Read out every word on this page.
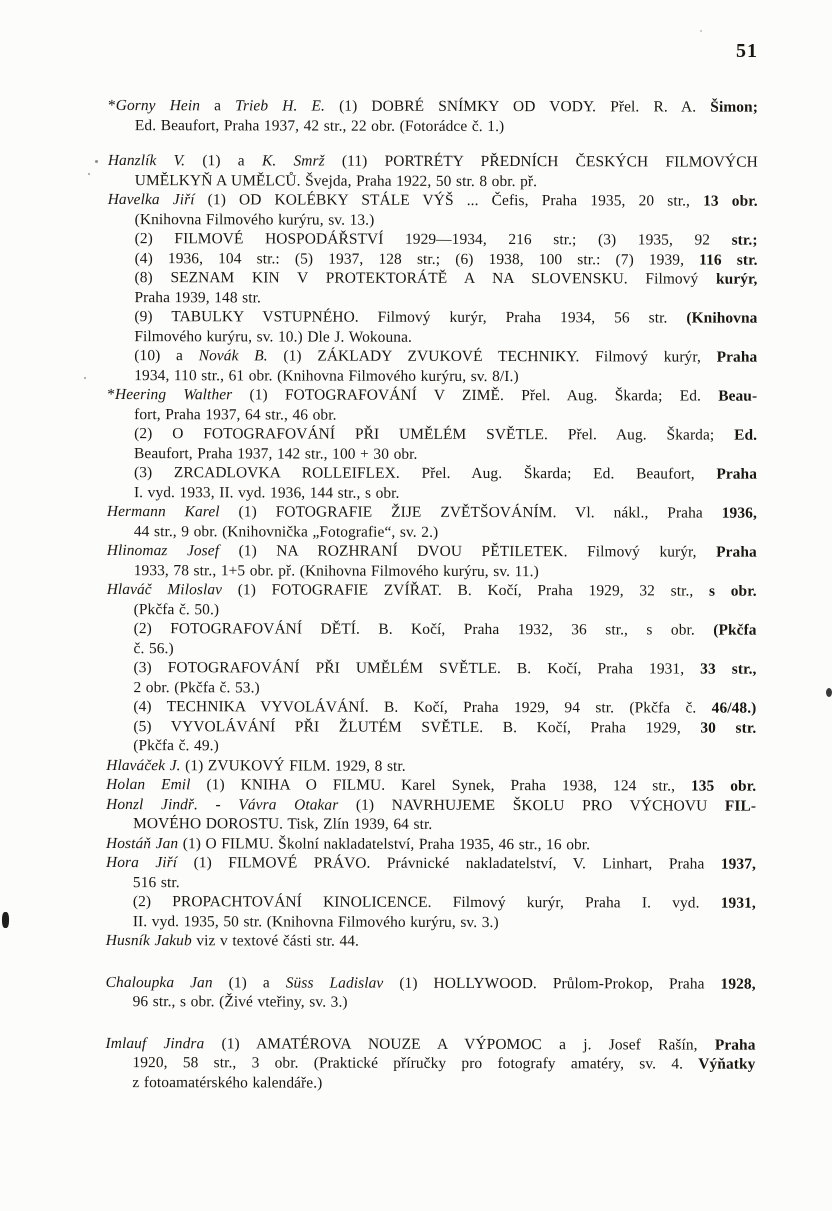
51
*Gorny Hein a Trieb H. E. (1) DOBRÉ SNÍMKY OD VODY. Přel. R. A. Šimon;
Ed. Beaufort, Praha 1937, 42 str., 22 obr. (Fotorádce č. 1.)
Hanzlík V. (1) a K. Smrž (11) PORTRÉTY PŘEDNÍCH ČESKÝCH FILMOVÝCH
UMĚLKYŇ A UMĚLCŮ. Švejda, Praha 1922, 50 str. 8 obr. př.
Havelka Jiří (1) OD KOLÉBKY STÁLE VÝŠ ... Čefis, Praha 1935, 20 str., 13 obr.
(Knihovna Filmového kurýru, sv. 13.)
(2) FILMOVÉ HOSPODÁŘSTVÍ 1929—1934, 216 str.; (3) 1935, 92 str.;
(4) 1936, 104 str.: (5) 1937, 128 str.; (6) 1938, 100 str.: (7) 1939, 116 str.
(8) SEZNAM KIN V PROTEKTORÁTĚ A NA SLOVENSKU. Filmový kurýr,
Praha 1939, 148 str.
(9) TABULKY VSTUPNÉHO. Filmový kurýr, Praha 1934, 56 str. (Knihovna
Filmového kurýru, sv. 10.) Dle J. Wokouna.
(10) a Novák B. (1) ZÁKLADY ZVUKOVÉ TECHNIKY. Filmový kurýr, Praha
1934, 110 str., 61 obr. (Knihovna Filmového kurýru, sv. 8/I.)
*Heering Walther (1) FOTOGRAFOVÁNÍ V ZIMĚ. Přel. Aug. Škarda; Ed. Beau-
fort, Praha 1937, 64 str., 46 obr.
(2) O FOTOGRAFOVÁNÍ PŘI UMĚLÉM SVĚTLE. Přel. Aug. Škarda; Ed.
Beaufort, Praha 1937, 142 str., 100 + 30 obr.
(3) ZRCADLOVKA ROLLEIFLEX. Přel. Aug. Škarda; Ed. Beaufort, Praha
I. vyd. 1933, II. vyd. 1936, 144 str., s obr.
Hermann Karel (1) FOTOGRAFIE ŽIJE ZVĚTŠOVÁNÍM. Vl. nákl., Praha 1936,
44 str., 9 obr. (Knihovnička „Fotografie“, sv. 2.)
Hlinomaz Josef (1) NA ROZHRANÍ DVOU PĚTILETEK. Filmový kurýr, Praha
1933, 78 str., 1+5 obr. př. (Knihovna Filmového kurýru, sv. 11.)
Hlaváč Miloslav (1) FOTOGRAFIE ZVÍŘAT. B. Kočí, Praha 1929, 32 str., s obr.
(Pkčfa č. 50.)
(2) FOTOGRAFOVÁNÍ DĚTÍ. B. Kočí, Praha 1932, 36 str., s obr. (Pkčfa
č. 56.)
(3) FOTOGRAFOVÁNÍ PŘI UMĚLÉM SVĚTLE. B. Kočí, Praha 1931, 33 str.,
2 obr. (Pkčfa č. 53.)
(4) TECHNIKA VYVOLÁVÁNÍ. B. Kočí, Praha 1929, 94 str. (Pkčfa č. 46/48.)
(5) VYVOLÁVÁNÍ PŘI ŽLUTÉM SVĚTLE. B. Kočí, Praha 1929, 30 str.
(Pkčfa č. 49.)
Hlaváček J. (1) ZVUKOVÝ FILM. 1929, 8 str.
Holan Emil (1) KNIHA O FILMU. Karel Synek, Praha 1938, 124 str., 135 obr.
Honzl Jindř. - Vávra Otakar (1) NAVRHUJEME ŠKOLU PRO VÝCHOVU FIL-
MOVÉHO DOROSTU. Tisk, Zlín 1939, 64 str.
Hostáň Jan (1) O FILMU. Školní nakladatelství, Praha 1935, 46 str., 16 obr.
Hora Jiří (1) FILMOVÉ PRÁVO. Právnické nakladatelství, V. Linhart, Praha 1937,
516 str.
(2) PROPACHTOVÁNÍ KINOLICENCE. Filmový kurýr, Praha I. vyd. 1931,
II. vyd. 1935, 50 str. (Knihovna Filmového kurýru, sv. 3.)
Husník Jakub viz v textové části str. 44.
Chaloupka Jan (1) a Süss Ladislav (1) HOLLYWOOD. Průlom-Prokop, Praha 1928,
96 str., s obr. (Živé vteřiny, sv. 3.)
Imlauf Jindra (1) AMATÉROVA NOUZE A VÝPOMOC a j. Josef Rašín, Praha
1920, 58 str., 3 obr. (Praktické příručky pro fotografy amatéry, sv. 4. Výňatky
z fotoamatérského kalendáře.)
